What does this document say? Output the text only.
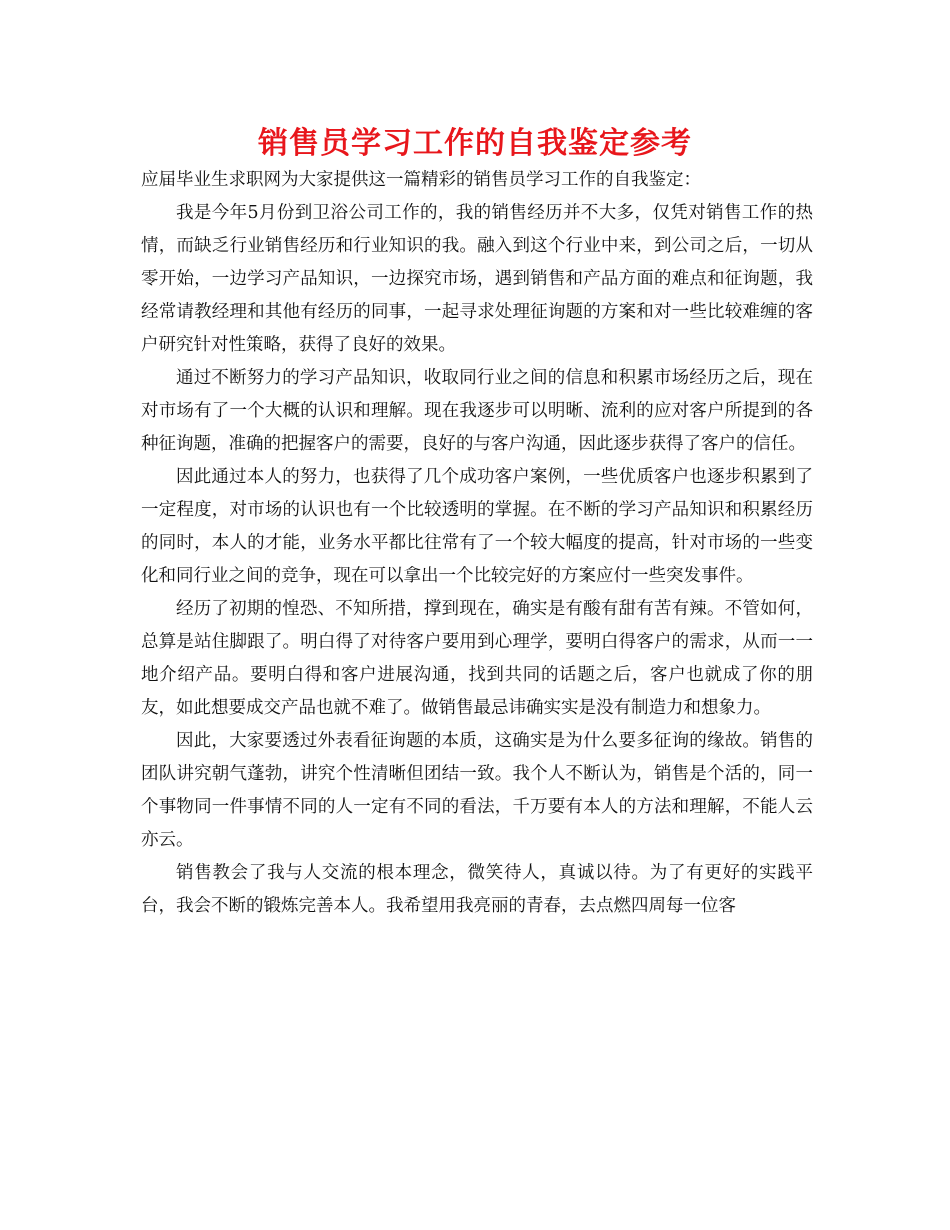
销售员学习工作的自我鉴定参考

应届毕业生求职网为大家提供这一篇精彩的销售员学习工作的自我鉴定：

我是今年5月份到卫浴公司工作的，我的销售经历并不大多，仅凭对销售工作的热情，而缺乏行业销售经历和行业知识的我。融入到这个行业中来，到公司之后，一切从零开始，一边学习产品知识，一边探究市场，遇到销售和产品方面的难点和征询题，我经常请教经理和其他有经历的同事，一起寻求处理征询题的方案和对一些比较难缠的客户研究针对性策略，获得了良好的效果。

通过不断努力的学习产品知识，收取同行业之间的信息和积累市场经历之后，现在对市场有了一个大概的认识和理解。现在我逐步可以明晰、流利的应对客户所提到的各种征询题，准确的把握客户的需要，良好的与客户沟通，因此逐步获得了客户的信任。

因此通过本人的努力，也获得了几个成功客户案例，一些优质客户也逐步积累到了一定程度，对市场的认识也有一个比较透明的掌握。在不断的学习产品知识和积累经历的同时，本人的才能，业务水平都比往常有了一个较大幅度的提高，针对市场的一些变化和同行业之间的竞争，现在可以拿出一个比较完好的方案应付一些突发事件。

经历了初期的惶恐、不知所措，撑到现在，确实是有酸有甜有苦有辣。不管如何，总算是站住脚跟了。明白得了对待客户要用到心理学，要明白得客户的需求，从而一一地介绍产品。要明白得和客户进展沟通，找到共同的话题之后，客户也就成了你的朋友，如此想要成交产品也就不难了。做销售最忌讳确实实是没有制造力和想象力。

因此，大家要透过外表看征询题的本质，这确实是为什么要多征询的缘故。销售的团队讲究朝气蓬勃，讲究个性清晰但团结一致。我个人不断认为，销售是个活的，同一个事物同一件事情不同的人一定有不同的看法，千万要有本人的方法和理解，不能人云亦云。

销售教会了我与人交流的根本理念，微笑待人，真诚以待。为了有更好的实践平台，我会不断的锻炼完善本人。我希望用我亮丽的青春，去点燃四周每一位客
